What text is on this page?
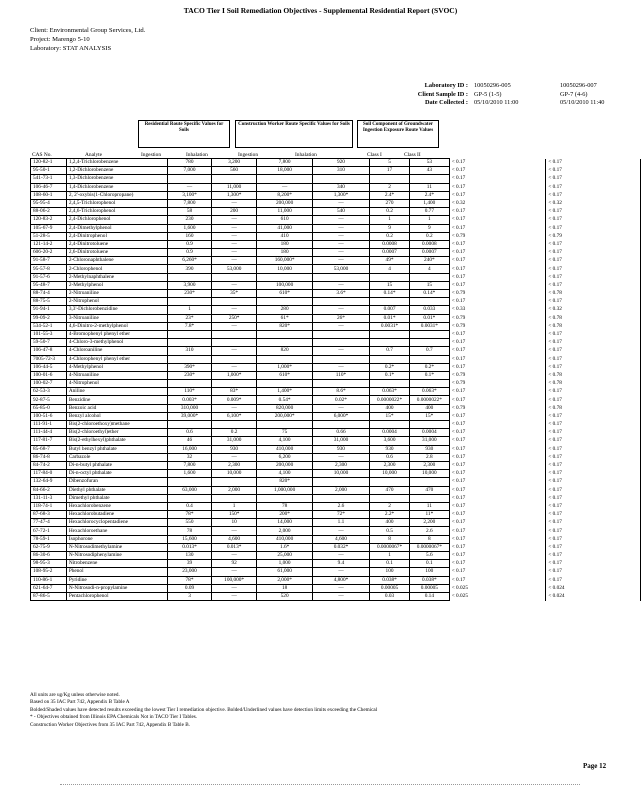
TACO Tier I Soil Remediation Objectives - Supplemental Residential Report (SVOC)
Client: Environmental Group Services, Ltd.
Project: Marengo 5-10
Laboratory: STAT ANALYSIS
Laboratory ID : 10050296-005	10050296-007
Client Sample ID : GP-5 (1-5)	GP-7 (4-6)
Date Collected : 05/10/2010 11:00	05/10/2010 11:40
Residential Route Specific Values for Soils
Construction Worker Route Specific Values for Soils	Soil Component of Groundwater Ingestion Exposure Route Values
CAS No.	Analyte	Ingestion	Inhalation	Ingestion	Inhalation	Class I	Class II
120-82-1	1,2,4-Trichlorobenzene	780	3,200	7,800	920	5	53	< 0.17	< 0.17
95-50-1	1,2-Dichlorobenzene	7,000	560	18,000	310	17	43	< 0.17	< 0.17
541-73-1	1,3-Dichlorobenzene							< 0.17	< 0.17
106-46-7	1,4-Dichlorobenzene	—	11,000	—	340	2	11	< 0.17	< 0.17
108-60-1	2, 2'-oxybis(1-Chloropropane)	3,100*	1,300*	8,200*	1,300*	2.4*	2.4*	< 0.17	< 0.17
95-95-4	2,4,5-Trichlorophenol	7,800	—	200,000	—	270	1,400	< 0.32	< 0.32
88-06-2	2,4,6-Trichlorophenol	58	200	11,000	540	0.2	0.77	< 0.17	< 0.17
120-83-2	2,4-Dichlorophenol	230	—	610	—	1	1	< 0.17	< 0.17
105-67-9	2,4-Dimethylphenol	1,600	—	41,000	—	9	9	< 0.17	< 0.17
51-28-5	2,4-Dinitrophenol	160	—	410	—	0.2	0.2	< 0.79	< 0.79
121-14-2	2,4-Dinitrotoluene	0.9	—	180	—	0.0008	0.0008	< 0.17	< 0.17
606-20-2	2,6-Dinitrotoluene	0.9	—	180	—	0.0007	0.0007	< 0.17	< 0.17
91-58-7	2-Chloronaphthalene	6,260*	—	160,000*	—	49*	240*	< 0.17	< 0.17
95-57-8	2-Chlorophenol	390	53,000	10,000	53,000	4	4	< 0.17	< 0.17
91-57-6	2-Methylnaphthalene							< 0.17	< 0.17
95-48-7	2-Methylphenol	3,900	—	100,000	—	15	15	< 0.17	< 0.17
88-74-4	2-Nitroaniline	230*	35*	610*	3.6*	0.14*	0.14*	< 0.79	< 0.78
88-75-5	2-Nitrophenol							< 0.17	< 0.17
91-94-1	3,3'-Dichlorobenzidine	1	—	280	—	0.007	0.033	< 0.33	< 0.32
99-09-2	3-Nitroaniline	23*	250*	61*	26*	0.01*	0.01*	< 0.79	< 0.78
534-52-1	4,6-Dinitro-2-methylphenol	7.8*	—	820*	—	0.0031*	0.0031*	< 0.79	< 0.78
101-55-3	4-Bromophenyl phenyl ether							< 0.17	< 0.17
59-50-7	4-Chloro-3-methylphenol							< 0.17	< 0.17
106-47-8	4-Chloroaniline	310	—	820	—	0.7	0.7	< 0.17	< 0.17
7005-72-3	4-Chlorophenyl phenyl ether							< 0.17	< 0.17
106-44-5	4-Methylphenol	390*	—	1,000*	—	0.2*	0.2*	< 0.17	< 0.17
100-01-6	4-Nitroaniline	230*	1,000*	610*	110*	0.1*	0.1*	< 0.79	< 0.78
100-02-7	4-Nitrophenol							< 0.79	< 0.78
62-53-3	Aniline	110*	83*	1,400*	8.6*	0.063*	0.063*	< 0.17	< 0.17
92-87-5	Benzidine	0.003*	0.009*	0.54*	0.02*	0.0000022*	0.0000022*	< 0.17	< 0.17
65-85-0	Benzoic acid	310,000	—	820,000	—	400	400	< 0.79	< 0.78
100-51-6	Benzyl alcohol	39,000*	6,100*	200,000*	6,000*	15*	15*	< 0.17	< 0.17
111-91-1	Bis(2-chloroethoxy)methane							< 0.17	< 0.17
111-44-4	Bis(2-chloroethyl)ether	0.6	0.2	75	0.66	0.0004	0.0004	< 0.17	< 0.17
117-81-7	Bis(2-ethylhexyl)phthalate	46	31,000	4,100	31,000	3,600	31,000	< 0.17	< 0.17
85-68-7	Butyl benzyl phthalate	16,000	930	410,000	930	930	930	< 0.17	< 0.17
86-74-8	Carbazole	32	—	6,200	—	0.6	2.8	< 0.17	< 0.17
84-74-2	Di-n-butyl phthalate	7,800	2,300	200,000	2,300	2,300	2,300	< 0.17	< 0.17
117-84-0	Di-n-octyl phthalate	1,600	10,000	4,100	10,000	10,000	10,000	< 0.17	< 0.17
132-64-9	Dibenzofuran			820*				< 0.17	< 0.17
84-66-2	Diethyl phthalate	63,000	2,000	1,000,000	2,000	470	470	< 0.17	< 0.17
131-11-3	Dimethyl phthalate							< 0.17	< 0.17
118-74-1	Hexachlorobenzene	0.4	1	78	2.6	2	11	< 0.17	< 0.17
87-68-3	Hexachlorobutadiene	78*	150*	200*	72*	2.2*	11*	< 0.17	< 0.17
77-47-4	Hexachlorocyclopentadiene	550	10	14,000	1.1	400	2,200	< 0.17	< 0.17
67-72-1	Hexachloroethane	78	—	2,000	—	0.5	2.6	< 0.17	< 0.17
78-59-1	Isophorone	15,600	4,600	410,000	4,600	8	8	< 0.17	< 0.17
62-75-9	N-Nitrosodimethylamine	0.013*	0.013*	1.6*	0.032*	0.0000067*	0.0000067*	< 0.17	< 0.17
86-30-6	N-Nitrosodiphenylamine	130	—	25,000	—	1	5.6	< 0.17	< 0.17
98-95-3	Nitrobenzene	39	92	1,000	9.4	0.1	0.1	< 0.17	< 0.17
108-95-2	Phenol	23,000	—	61,000	—	100	100	< 0.17	< 0.17
110-86-1	Pyridine	78*	100,000*	2,000*	4,800*	0.038*	0.038*	< 0.17	< 0.17
621-64-7	N-Nitrosodi-n-propylamine	0.09	—	18	—	0.00005	0.00005	< 0.025	< 0.024
87-86-5	Pentachlorophenol	3	—	520	—	0.03	0.14	< 0.025	< 0.024
All units are ug/Kg unless otherwise noted.
Based on 35 IAC Part 742, Appendix B Table A
Bolded/Shaded values have detected results exceeding the lowest Tier I remediation objective. Bolded/Underlined values have detection limits exceeding the Chemical
* - Objectives obtained from Illinois EPA Chemicals Not in TACO Tier I Tables.
Construction Worker Objectives from 35 IAC Part 742, Appendix B Table B.
Page 12
